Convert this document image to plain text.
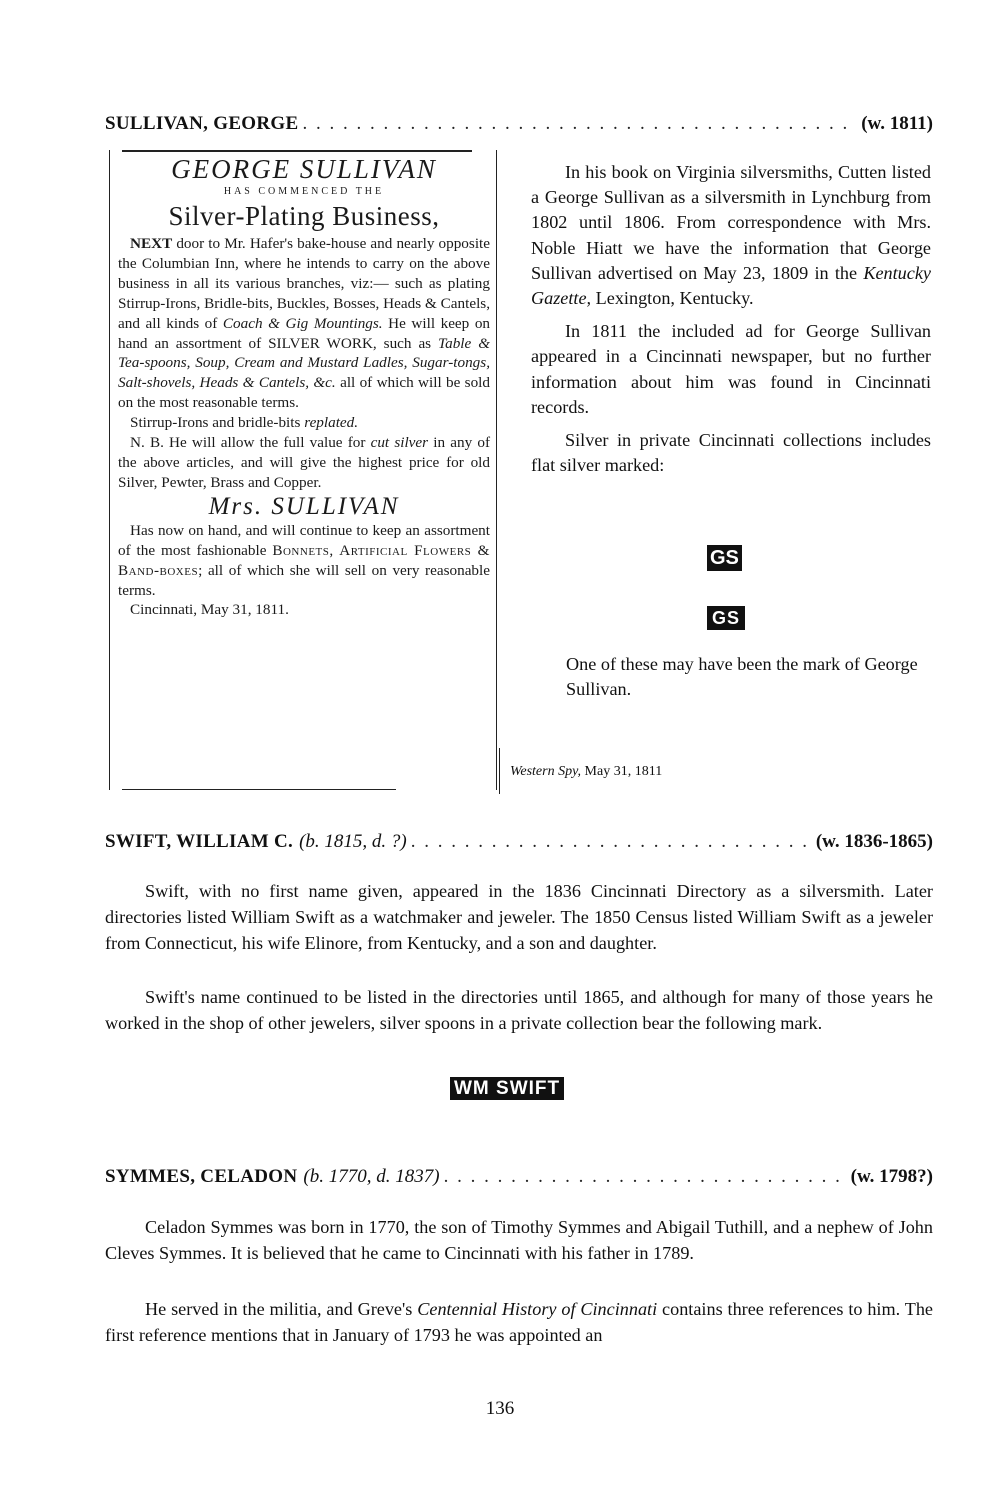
SULLIVAN, GEORGE . . .	(w. 1811)
GEORGE SULLIVAN
HAS COMMENCED THE
Silver-Plating Business,

NEXT door to Mr. Hafer's bake-house and nearly opposite the Columbian Inn, where he intends to carry on the above business in all its various branches, viz:— such as plating Stirrup-Irons, Bridle-bits, Buckles, Bosses, Heads & Cantels, and all kinds of Coach & Gig Mountings. He will keep on hand an assortment of SILVER WORK, such as Table & Tea-spoons, Soup, Cream and Mustard Ladles, Sugar-tongs, Salt-shovels, Heads & Cantels, &c. all of which will be sold on the most reasonable terms.

Stirrup-Irons and bridle-bits replated.

N. B. He will allow the full value for cut silver in any of the above articles, and will give the highest price for old Silver, Pewter, Brass and Copper.

Mrs. SULLIVAN

Has now on hand, and will continue to keep an assortment of the most fashionable Bonnets, Artificial Flowers & Band-boxes; all of which she will sell on very reasonable terms.

Cincinnati, May 31, 1811.

In his book on Virginia silversmiths, Cutten listed a George Sullivan as a silversmith in Lynchburg from 1802 until 1806. From correspondence with Mrs. Noble Hiatt we have the information that George Sullivan advertised on May 23, 1809 in the Kentucky Gazette, Lexington, Kentucky.

In 1811 the included ad for George Sullivan appeared in a Cincinnati newspaper, but no further information about him was found in Cincinnati records.

Silver in private Cincinnati collections includes flat silver marked:

GS
GS
One of these may have been the mark of George Sullivan.
Western Spy, May 31, 1811
SWIFT, WILLIAM C. (b. 1815, d. ?) . . .	(w. 1836-1865)

Swift, with no first name given, appeared in the 1836 Cincinnati Directory as a silversmith. Later directories listed William Swift as a watchmaker and jeweler. The 1850 Census listed William Swift as a jeweler from Connecticut, his wife Elinore, from Kentucky, and a son and daughter.

Swift's name continued to be listed in the directories until 1865, and although for many of those years he worked in the shop of other jewelers, silver spoons in a private collection bear the following mark.

WM SWIFT
SYMMES, CELADON (b. 1770, d. 1837) . . .	(w. 1798?)

Celadon Symmes was born in 1770, the son of Timothy Symmes and Abigail Tuthill, and a nephew of John Cleves Symmes. It is believed that he came to Cincinnati with his father in 1789.

He served in the militia, and Greve's Centennial History of Cincinnati contains three references to him. The first reference mentions that in January of 1793 he was appointed an

136
